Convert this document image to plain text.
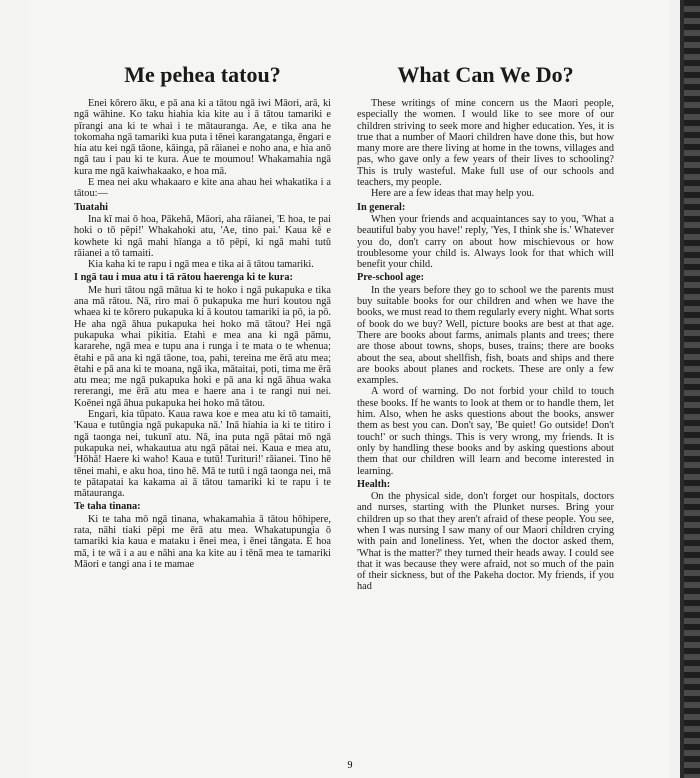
Me pehea tatou?

Enei kōrero āku, e pā ana ki a tātou ngā iwi Māori, arā, ki ngā wāhine. Ko taku hiahia kia kite au i ā tātou tamariki e pīrangi ana ki te whai i te mātauranga. Ae, e tika ana he tokomaha ngā tamariki kua puta i tēnei karangatanga, ēngari e hia atu kei ngā tāone, kāinga, pā rāianei e noho ana, e hia anō ngā tau i pau ki te kura. Aue te moumou! Whakamahia ngā kura me ngā kaiwhakaako, e hoa mā.

E mea nei aku whakaaro e kite ana ahau hei whakatika i a tātou:—

Tuatahi

Ina kī mai ō hoa, Pākehā, Māori, aha rāianei, 'E hoa, te pai hoki o tō pēpi!' Whakahoki atu, 'Ae, tino pai.' Kaua kē e kowhete ki ngā mahi hīanga a tō pēpi, ki ngā mahi tutū rāianei a tō tamaiti.

Kia kaha ki te rapu i ngā mea e tika ai ā tātou tamariki.

I ngā tau i mua atu i tā rātou haerenga ki te kura:

Me huri tātou ngā mātua ki te hoko i ngā pukapuka e tika ana mā rātou. Nā, riro mai ō pukapuka me huri koutou ngā whaea ki te kōrero pukapuka ki ā koutou tamariki ia pō, ia pō. He aha ngā āhua pukapuka hei hoko mā tātou? Hei ngā pukapuka whai pikitia. Etahi e mea ana ki ngā pāmu, kararehe, ngā mea e tupu ana i runga i te mata o te whenua; ētahi e pā ana ki ngā tāone, toa, pahi, tereina me ērā atu mea; ētahi e pā ana ki te moana, ngā ika, mātaitai, poti, tima me ērā atu mea; me ngā pukapuka hoki e pā ana ki ngā āhua waka rererangi, me ērā atu mea e haere ana i te rangi nui nei. Koēnei ngā āhua pukapuka hei hoko mā tātou.

Engari, kia tūpato. Kaua rawa koe e mea atu ki tō tamaiti, 'Kaua e tutūngia ngā pukapuka nā.' Inā hiahia ia ki te titiro i ngā taonga nei, tukunī atu. Nā, ina puta ngā pātai mō ngā pukapuka nei, whakautua atu ngā pātai nei. Kaua e mea atu, 'Hōhā! Haere ki waho! Kaua e tutū! Turituri!' rāianei. Tino hē tēnei mahi, e aku hoa, tino hē. Mā te tutū i ngā taonga nei, mā te pātapatai ka kakama ai ā tātou tamariki ki te rapu i te mātauranga.

Te taha tinana:

Ki te taha mō ngā tinana, whakamahia ā tātou hōhipere, rata, nāhi tiaki pēpi me ērā atu mea. Whakatupungia ō tamariki kia kaua e mataku i ēnei mea, i ēnei tāngata. E hoa mā, i te wā i a au e nāhi ana ka kite au i tēnā mea te tamariki Māori e tangi ana i te mamae

What Can We Do?

These writings of mine concern us the Maori people, especially the women. I would like to see more of our children striving to seek more and higher education. Yes, it is true that a number of Maori children have done this, but how many more are there living at home in the towns, villages and pas, who gave only a few years of their lives to schooling? This is truly wasteful. Make full use of our schools and teachers, my people.

Here are a few ideas that may help you.

In general:

When your friends and acquaintances say to you, 'What a beautiful baby you have!' reply, 'Yes, I think she is.' Whatever you do, don't carry on about how mischievous or how troublesome your child is. Always look for that which will benefit your child.

Pre-school age:

In the years before they go to school we the parents must buy suitable books for our children and when we have the books, we must read to them regularly every night. What sorts of book do we buy? Well, picture books are best at that age. There are books about farms, animals plants and trees; there are those about towns, shops, buses, trains; there are books about the sea, about shellfish, fish, boats and ships and there are books about planes and rockets. These are only a few examples.

A word of warning. Do not forbid your child to touch these books. If he wants to look at them or to handle them, let him. Also, when he asks questions about the books, answer them as best you can. Don't say, 'Be quiet! Go outside! Don't touch!' or such things. This is very wrong, my friends. It is only by handling these books and by asking questions about them that our children will learn and become interested in learning.

Health:

On the physical side, don't forget our hospitals, doctors and nurses, starting with the Plunket nurses. Bring your children up so that they aren't afraid of these people. You see, when I was nursing I saw many of our Maori children crying with pain and loneliness. Yet, when the doctor asked them, 'What is the matter?' they turned their heads away. I could see that it was because they were afraid, not so much of the pain of their sickness, but of the Pakeha doctor. My friends, if you had

9
